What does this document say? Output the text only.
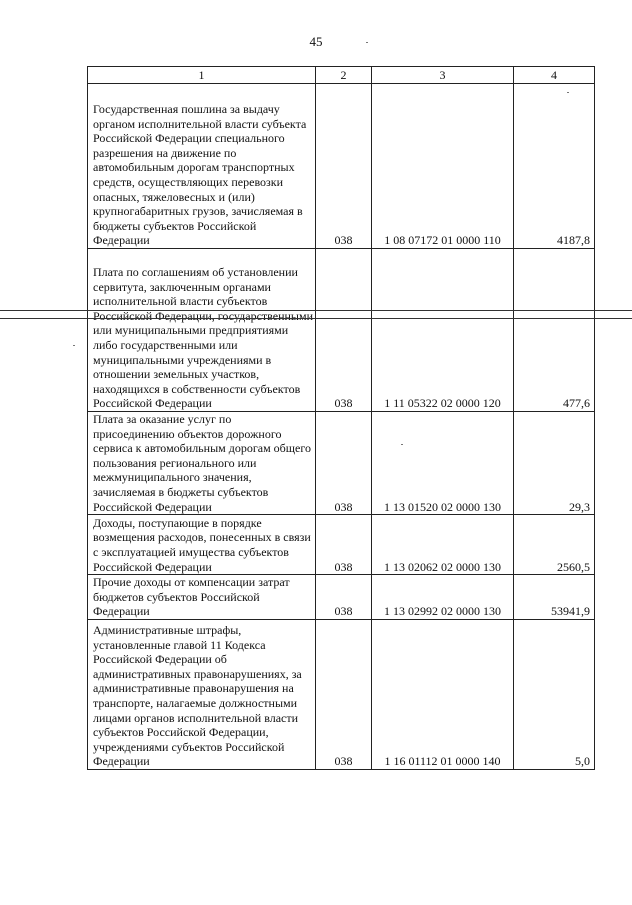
45
1	2	3	4

Государственная пошлина за выдачу органом исполнительной власти субъекта Российской Федерации специального разрешения на движение по автомобильным дорогам транспортных средств, осуществляющих перевозки опасных, тяжеловесных и (или) крупногабаритных грузов, зачисляемая в бюджеты субъектов Российской Федерации	038	1 08 07172 01 0000 110	4187,8

Плата по соглашениям об установлении сервитута, заключенным органами исполнительной власти субъектов Российской Федерации, государственными или муниципальными предприятиями либо государственными или муниципальными учреждениями в отношении земельных участков, находящихся в собственности субъектов Российской Федерации	038	1 11 05322 02 0000 120	477,6

Плата за оказание услуг по присоединению объектов дорожного сервиса к автомобильным дорогам общего пользования регионального или межмуниципального значения, зачисляемая в бюджеты субъектов Российской Федерации	038	1 13 01520 02 0000 130	29,3

Доходы, поступающие в порядке возмещения расходов, понесенных в связи с эксплуатацией имущества субъектов Российской Федерации	038	1 13 02062 02 0000 130	2560,5

Прочие доходы от компенсации затрат бюджетов субъектов Российской Федерации	038	1 13 02992 02 0000 130	53941,9

Административные штрафы, установленные главой 11 Кодекса Российской Федерации об административных правонарушениях, за административные правонарушения на транспорте, налагаемые должностными лицами органов исполнительной власти субъектов Российской Федерации, учреждениями субъектов Российской Федерации	038	1 16 01112 01 0000 140	5,0
